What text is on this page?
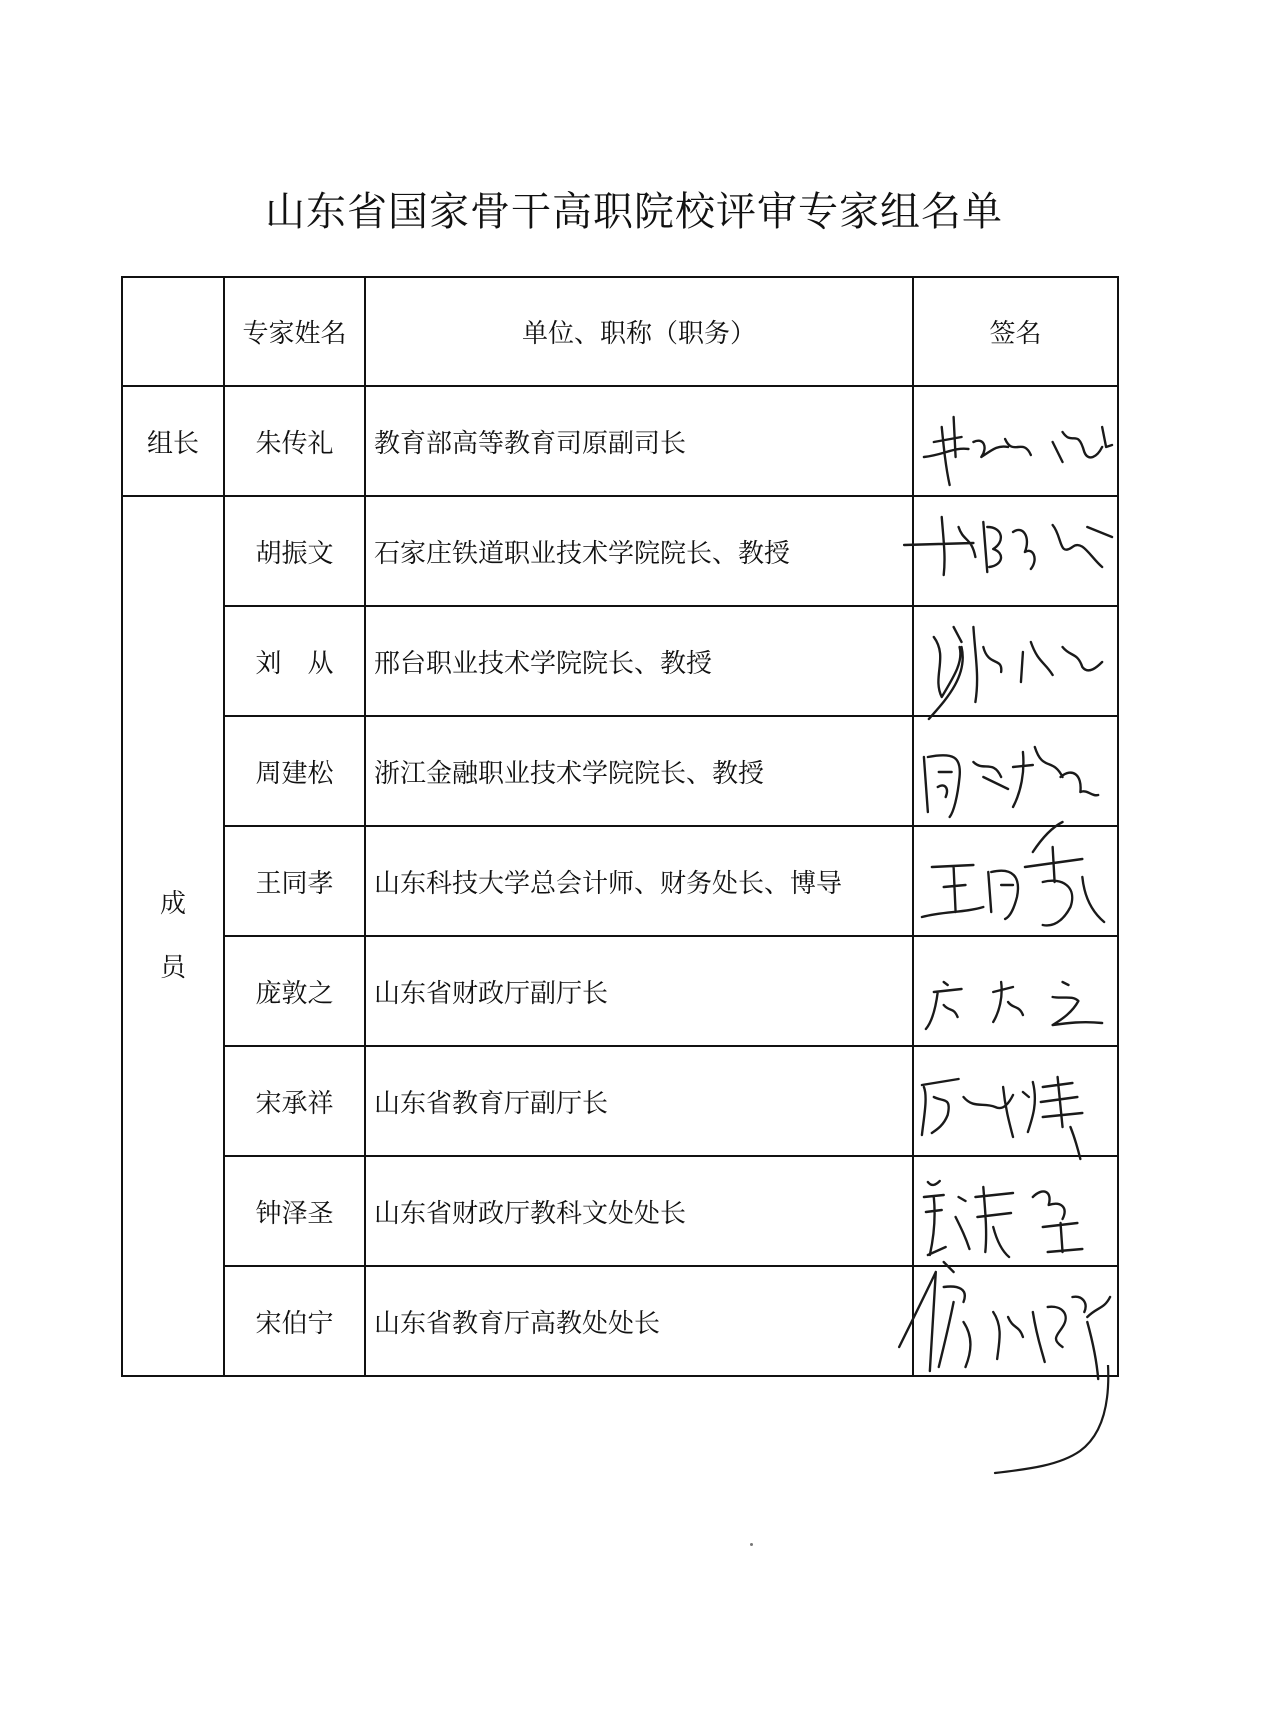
山东省国家骨干高职院校评审专家组名单
	专家姓名	单位、职称（职务）	签名
组长	朱传礼	教育部高等教育司原副司长	

成
员	胡振文	石家庄铁道职业技术学院院长、教授	

	刘　从	邢台职业技术学院院长、教授	

	周建松	浙江金融职业技术学院院长、教授	

	王同孝	山东科技大学总会计师、财务处长、博导	

	庞敦之	山东省财政厅副厅长	

	宋承祥	山东省教育厅副厅长	

	钟泽圣	山东省财政厅教科文处处长	

	宋伯宁	山东省教育厅高教处处长	
